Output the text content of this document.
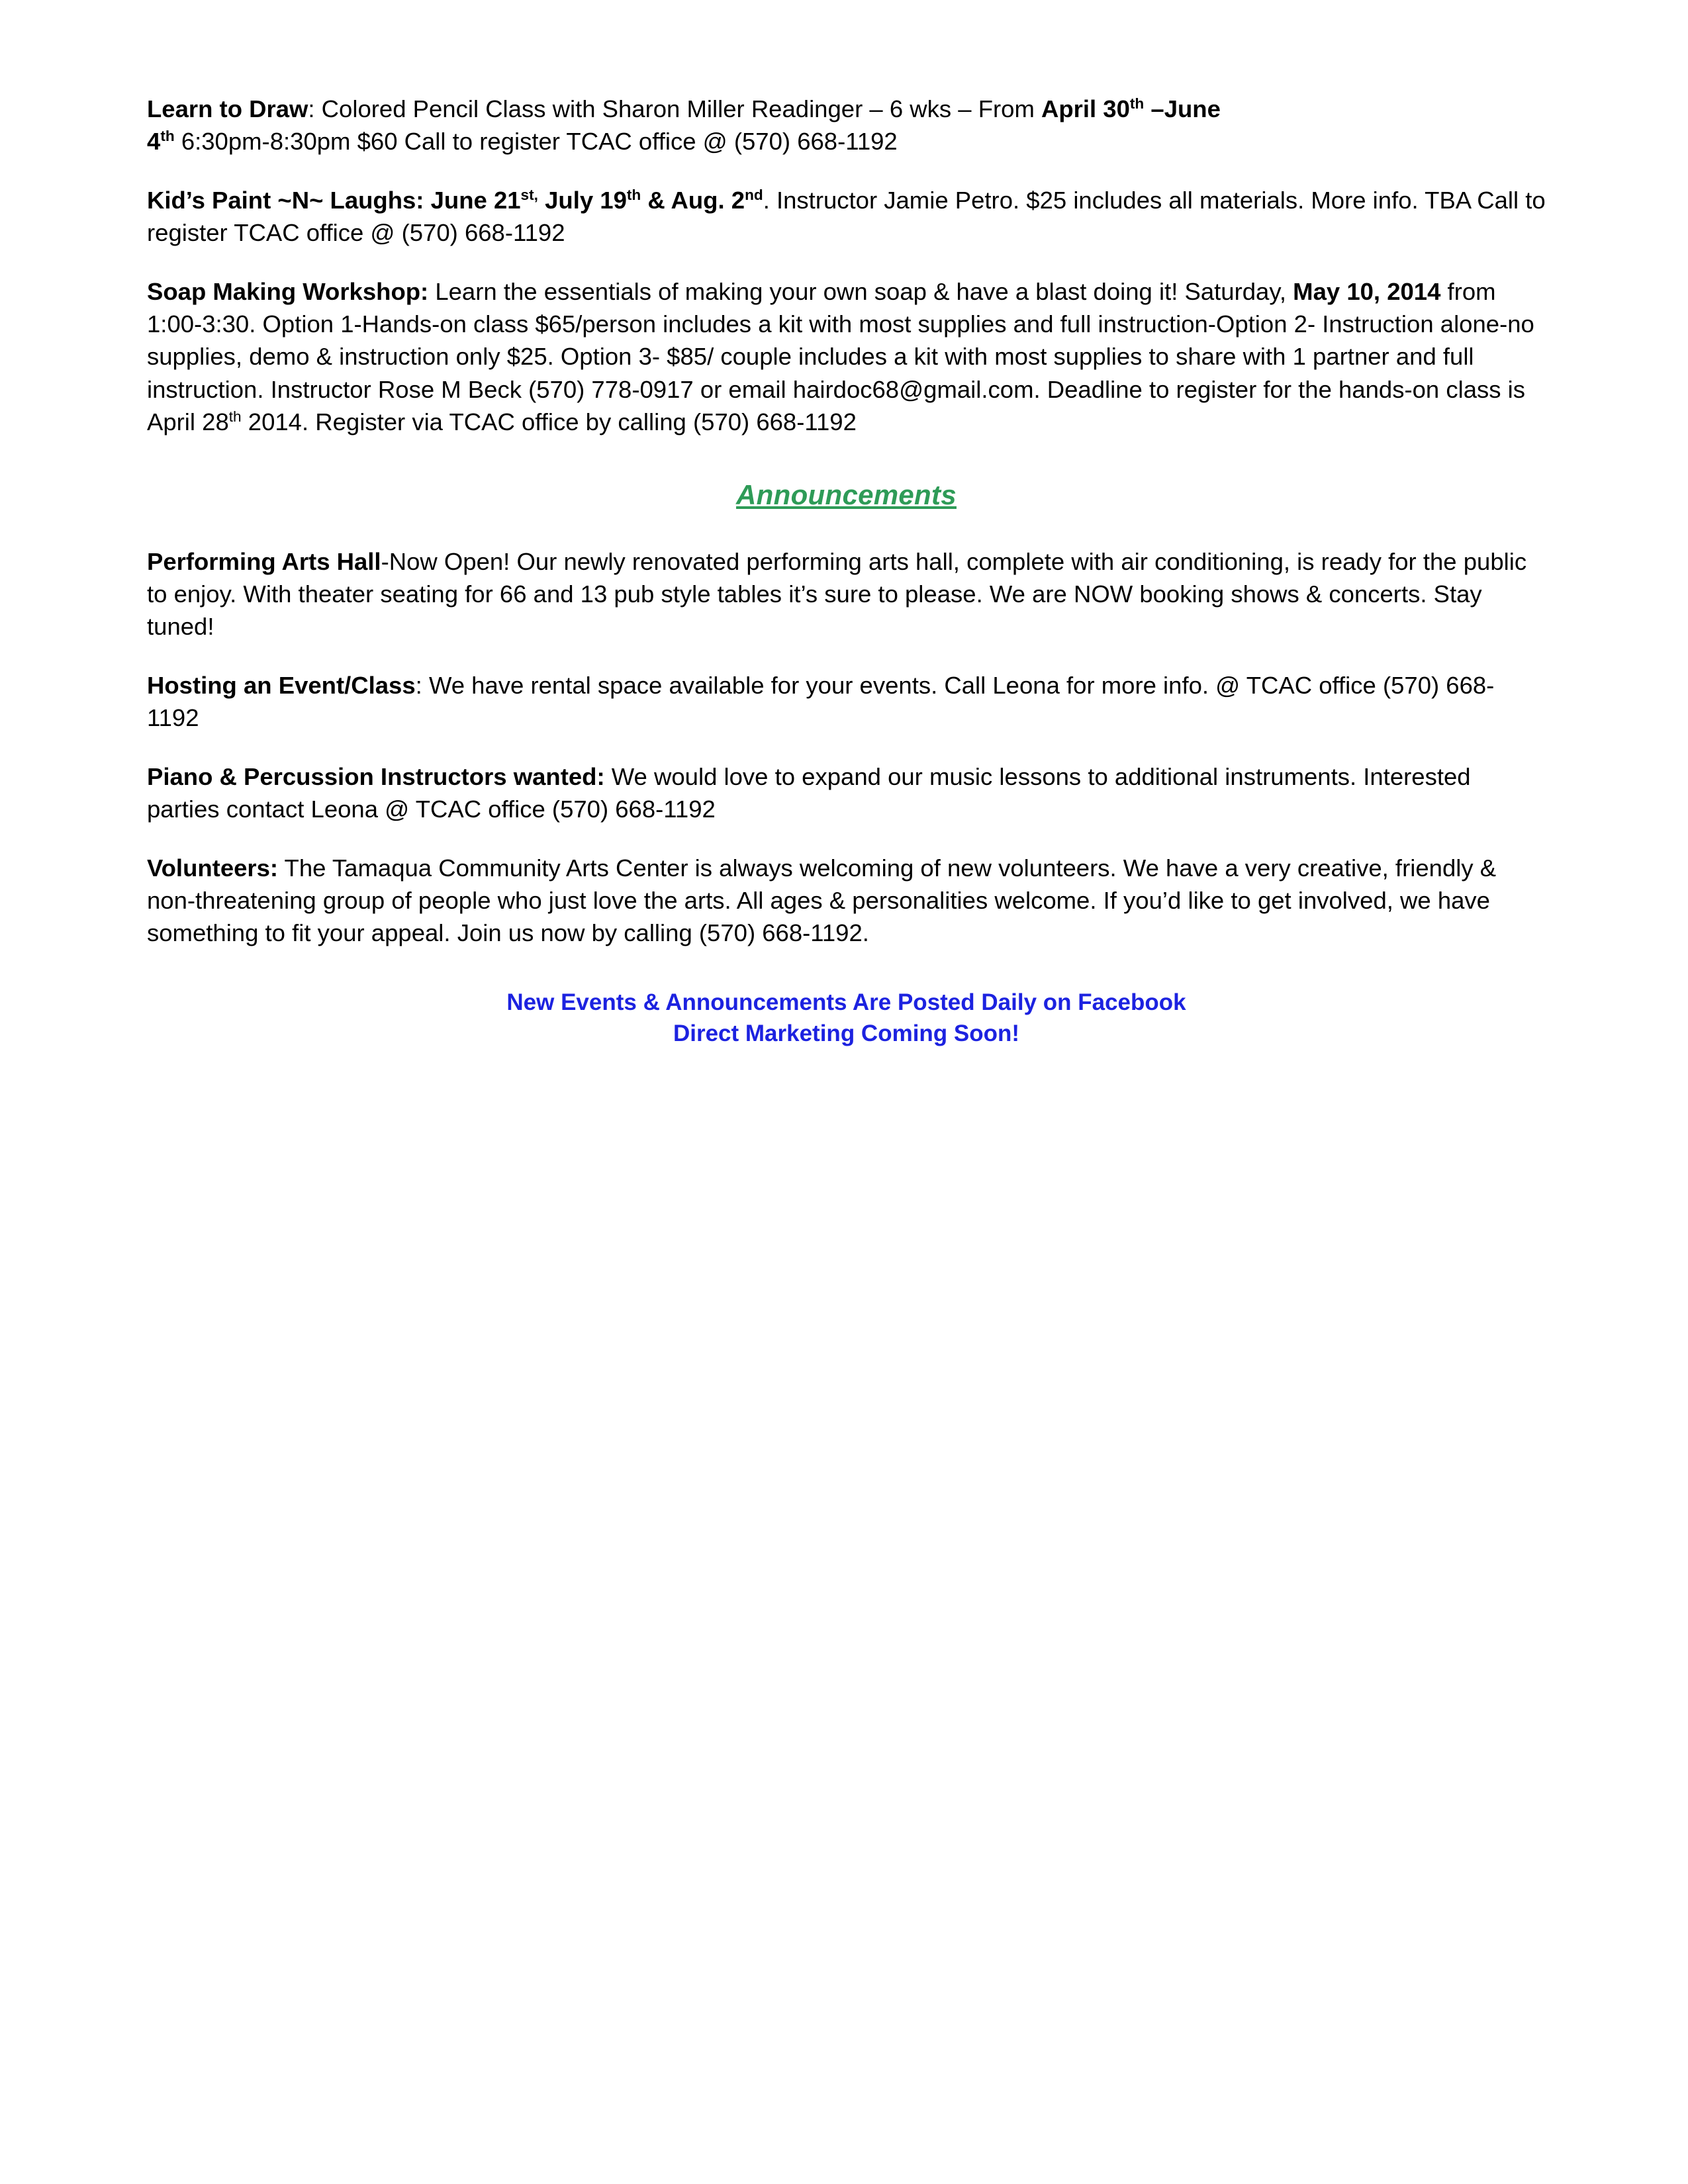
Learn to Draw: Colored Pencil Class with Sharon Miller Readinger – 6 wks – From April 30th –June
4th 6:30pm-8:30pm $60 Call to register TCAC office @ (570) 668-1192

Kid’s Paint ~N~ Laughs: June $21^{st,}$ July 19th & Aug. 2nd. Instructor Jamie Petro. $25 includes all materials. More info. TBA Call to register TCAC office @ (570) 668-1192

Soap Making Workshop: Learn the essentials of making your own soap & have a blast doing it! Saturday, May 10, 2014 from 1:00-3:30. Option 1-Hands-on class $65/person includes a kit with most supplies and full instruction-Option 2- Instruction alone-no supplies, demo & instruction only $25. Option 3- $85/ couple includes a kit with most supplies to share with 1 partner and full instruction. Instructor Rose M Beck (570) 778-0917 or email hairdoc68@gmail.com. Deadline to register for the hands-on class is April 28th 2014. Register via TCAC office by calling (570) 668-1192

Announcements

Performing Arts Hall-Now Open! Our newly renovated performing arts hall, complete with air conditioning, is ready for the public to enjoy. With theater seating for 66 and 13 pub style tables it’s sure to please. We are NOW booking shows & concerts. Stay tuned!

Hosting an Event/Class: We have rental space available for your events. Call Leona for more info. @ TCAC office (570) 668-1192

Piano & Percussion Instructors wanted: We would love to expand our music lessons to additional instruments. Interested parties contact Leona @ TCAC office (570) 668-1192

Volunteers: The Tamaqua Community Arts Center is always welcoming of new volunteers. We have a very creative, friendly & non-threatening group of people who just love the arts. All ages & personalities welcome. If you’d like to get involved, we have something to fit your appeal. Join us now by calling (570) 668-1192.

New Events & Announcements Are Posted Daily on Facebook
Direct Marketing Coming Soon!
